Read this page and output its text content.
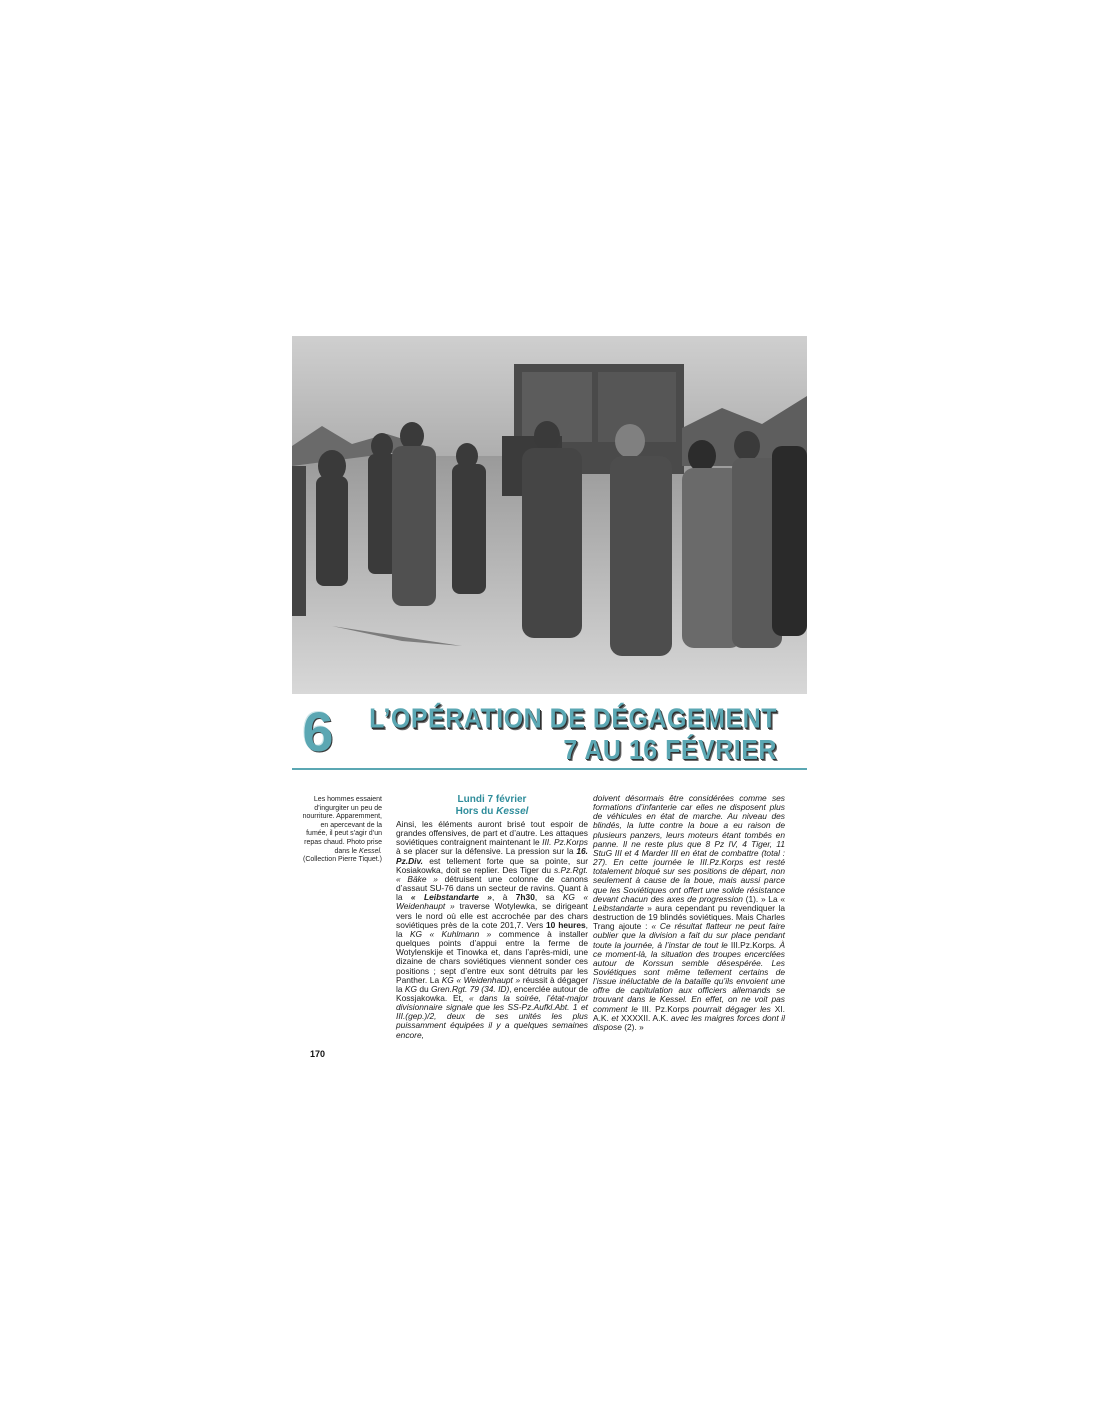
6	L’OPÉRATION DE DÉGAGEMENT
7 AU 16 FÉVRIER
Les hommes essaient d’ingurgiter un peu de nourriture. Apparemment, en apercevant de la fumée, il peut s’agir d’un repas chaud. Photo prise dans le Kessel.
(Collection Pierre Tiquet.)
Lundi 7 février
Hors du Kessel

Ainsi, les éléments auront brisé tout espoir de grandes offensives, de part et d’autre. Les attaques soviétiques contraignent maintenant le III. Pz.Korps à se placer sur la défensive. La pression sur la 16. Pz.Div. est tellement forte que sa pointe, sur Kosiakowka, doit se replier. Des Tiger du s.Pz.Rgt. « Bäke » détruisent une colonne de canons d’assaut SU-76 dans un secteur de ravins. Quant à la « Leibstandarte », à 7h30, sa KG « Weidenhaupt » traverse Wotylewka, se dirigeant vers le nord où elle est accrochée par des chars soviétiques près de la cote 201,7. Vers 10 heures, la KG « Kuhlmann » commence à installer quelques points d’appui entre la ferme de Wotylenskije et Tinowka et, dans l’après-midi, une dizaine de chars soviétiques viennent sonder ces positions ; sept d’entre eux sont détruits par les Panther. La KG « Weidenhaupt » réussit à dégager la KG du Gren.Rgt. 79 (34. ID), encerclée autour de Kossjakowka. Et, « dans la soirée, l’état-major divisionnaire signale que les SS-Pz.Aufkl.Abt. 1 et III.(gep.)/2, deux de ses unités les plus puissamment équipées il y a quelques semaines encore,

doivent désormais être considérées comme ses formations d’infanterie car elles ne disposent plus de véhicules en état de marche. Au niveau des blindés, la lutte contre la boue a eu raison de plusieurs panzers, leurs moteurs étant tombés en panne. Il ne reste plus que 8 Pz IV, 4 Tiger, 11 StuG III et 4 Marder III en état de combattre (total : 27). En cette journée le III.Pz.Korps est resté totalement bloqué sur ses positions de départ, non seulement à cause de la boue, mais aussi parce que les Soviétiques ont offert une solide résistance devant chacun des axes de progression (1). » La « Leibstandarte » aura cependant pu revendiquer la destruction de 19 blindés soviétiques. Mais Charles Trang ajoute : « Ce résultat flatteur ne peut faire oublier que la division a fait du sur place pendant toute la journée, à l’instar de tout le III.Pz.Korps. À ce moment-là, la situation des troupes encerclées autour de Korssun semble désespérée. Les Soviétiques sont même tellement certains de l’issue inéluctable de la bataille qu’ils envoient une offre de capitulation aux officiers allemands se trouvant dans le Kessel. En effet, on ne voit pas comment le III. Pz.Korps pourrait dégager les XI. A.K. et XXXXII. A.K. avec les maigres forces dont il dispose (2). »

170
